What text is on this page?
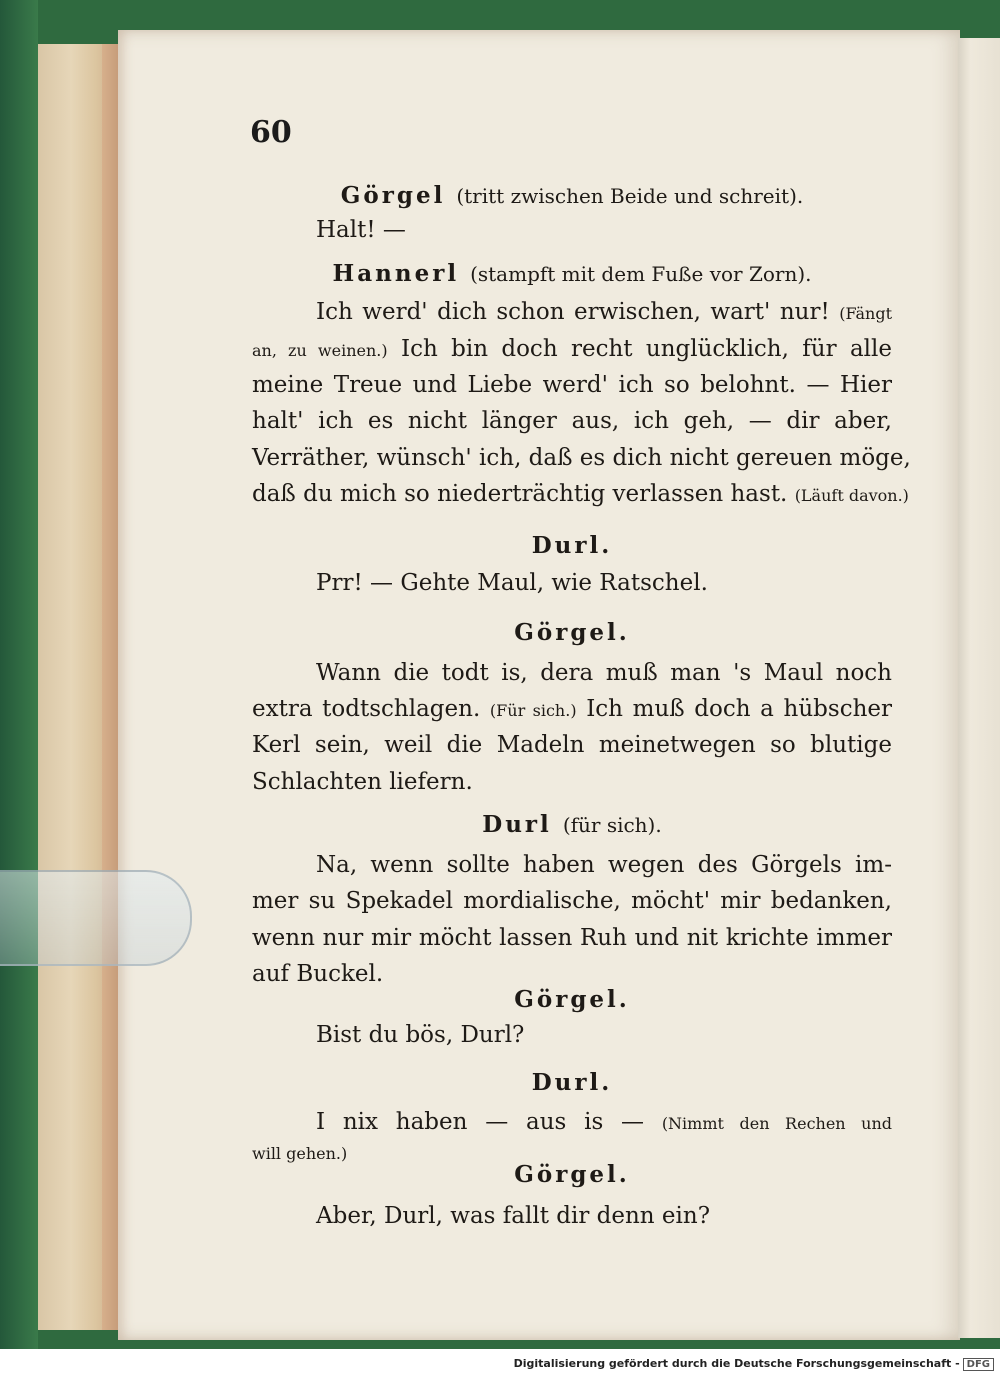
60
Görgel (tritt zwischen Beide und schreit).
Halt! —
Hannerl (stampft mit dem Fuße vor Zorn).
Ich werd' dich schon erwischen, wart' nur! (Fängt
an, zu weinen.) Ich bin doch recht unglücklich, für alle
meine Treue und Liebe werd' ich so belohnt. — Hier
halt' ich es nicht länger aus, ich geh, — dir aber,
Verräther, wünsch' ich, daß es dich nicht gereuen möge,
daß du mich so niederträchtig verlassen hast. (Läuft davon.)
Durl.
Prr! — Gehte Maul, wie Ratschel.
Görgel.
Wann die todt is, dera muß man 's Maul noch
extra todtschlagen. (Für sich.) Ich muß doch a hübscher
Kerl sein, weil die Madeln meinetwegen so blutige
Schlachten liefern.
Durl (für sich).
Na, wenn sollte haben wegen des Görgels im-
mer su Spekadel mordialische, möcht' mir bedanken,
wenn nur mir möcht lassen Ruh und nit krichte immer
auf Buckel.
Görgel.
Bist du bös, Durl?
Durl.
I nix haben — aus is — (Nimmt den Rechen und
will gehen.)
Görgel.
Aber, Durl, was fallt dir denn ein?
Digitalisierung gefördert durch die Deutsche Forschungsgemeinschaft - DFG
